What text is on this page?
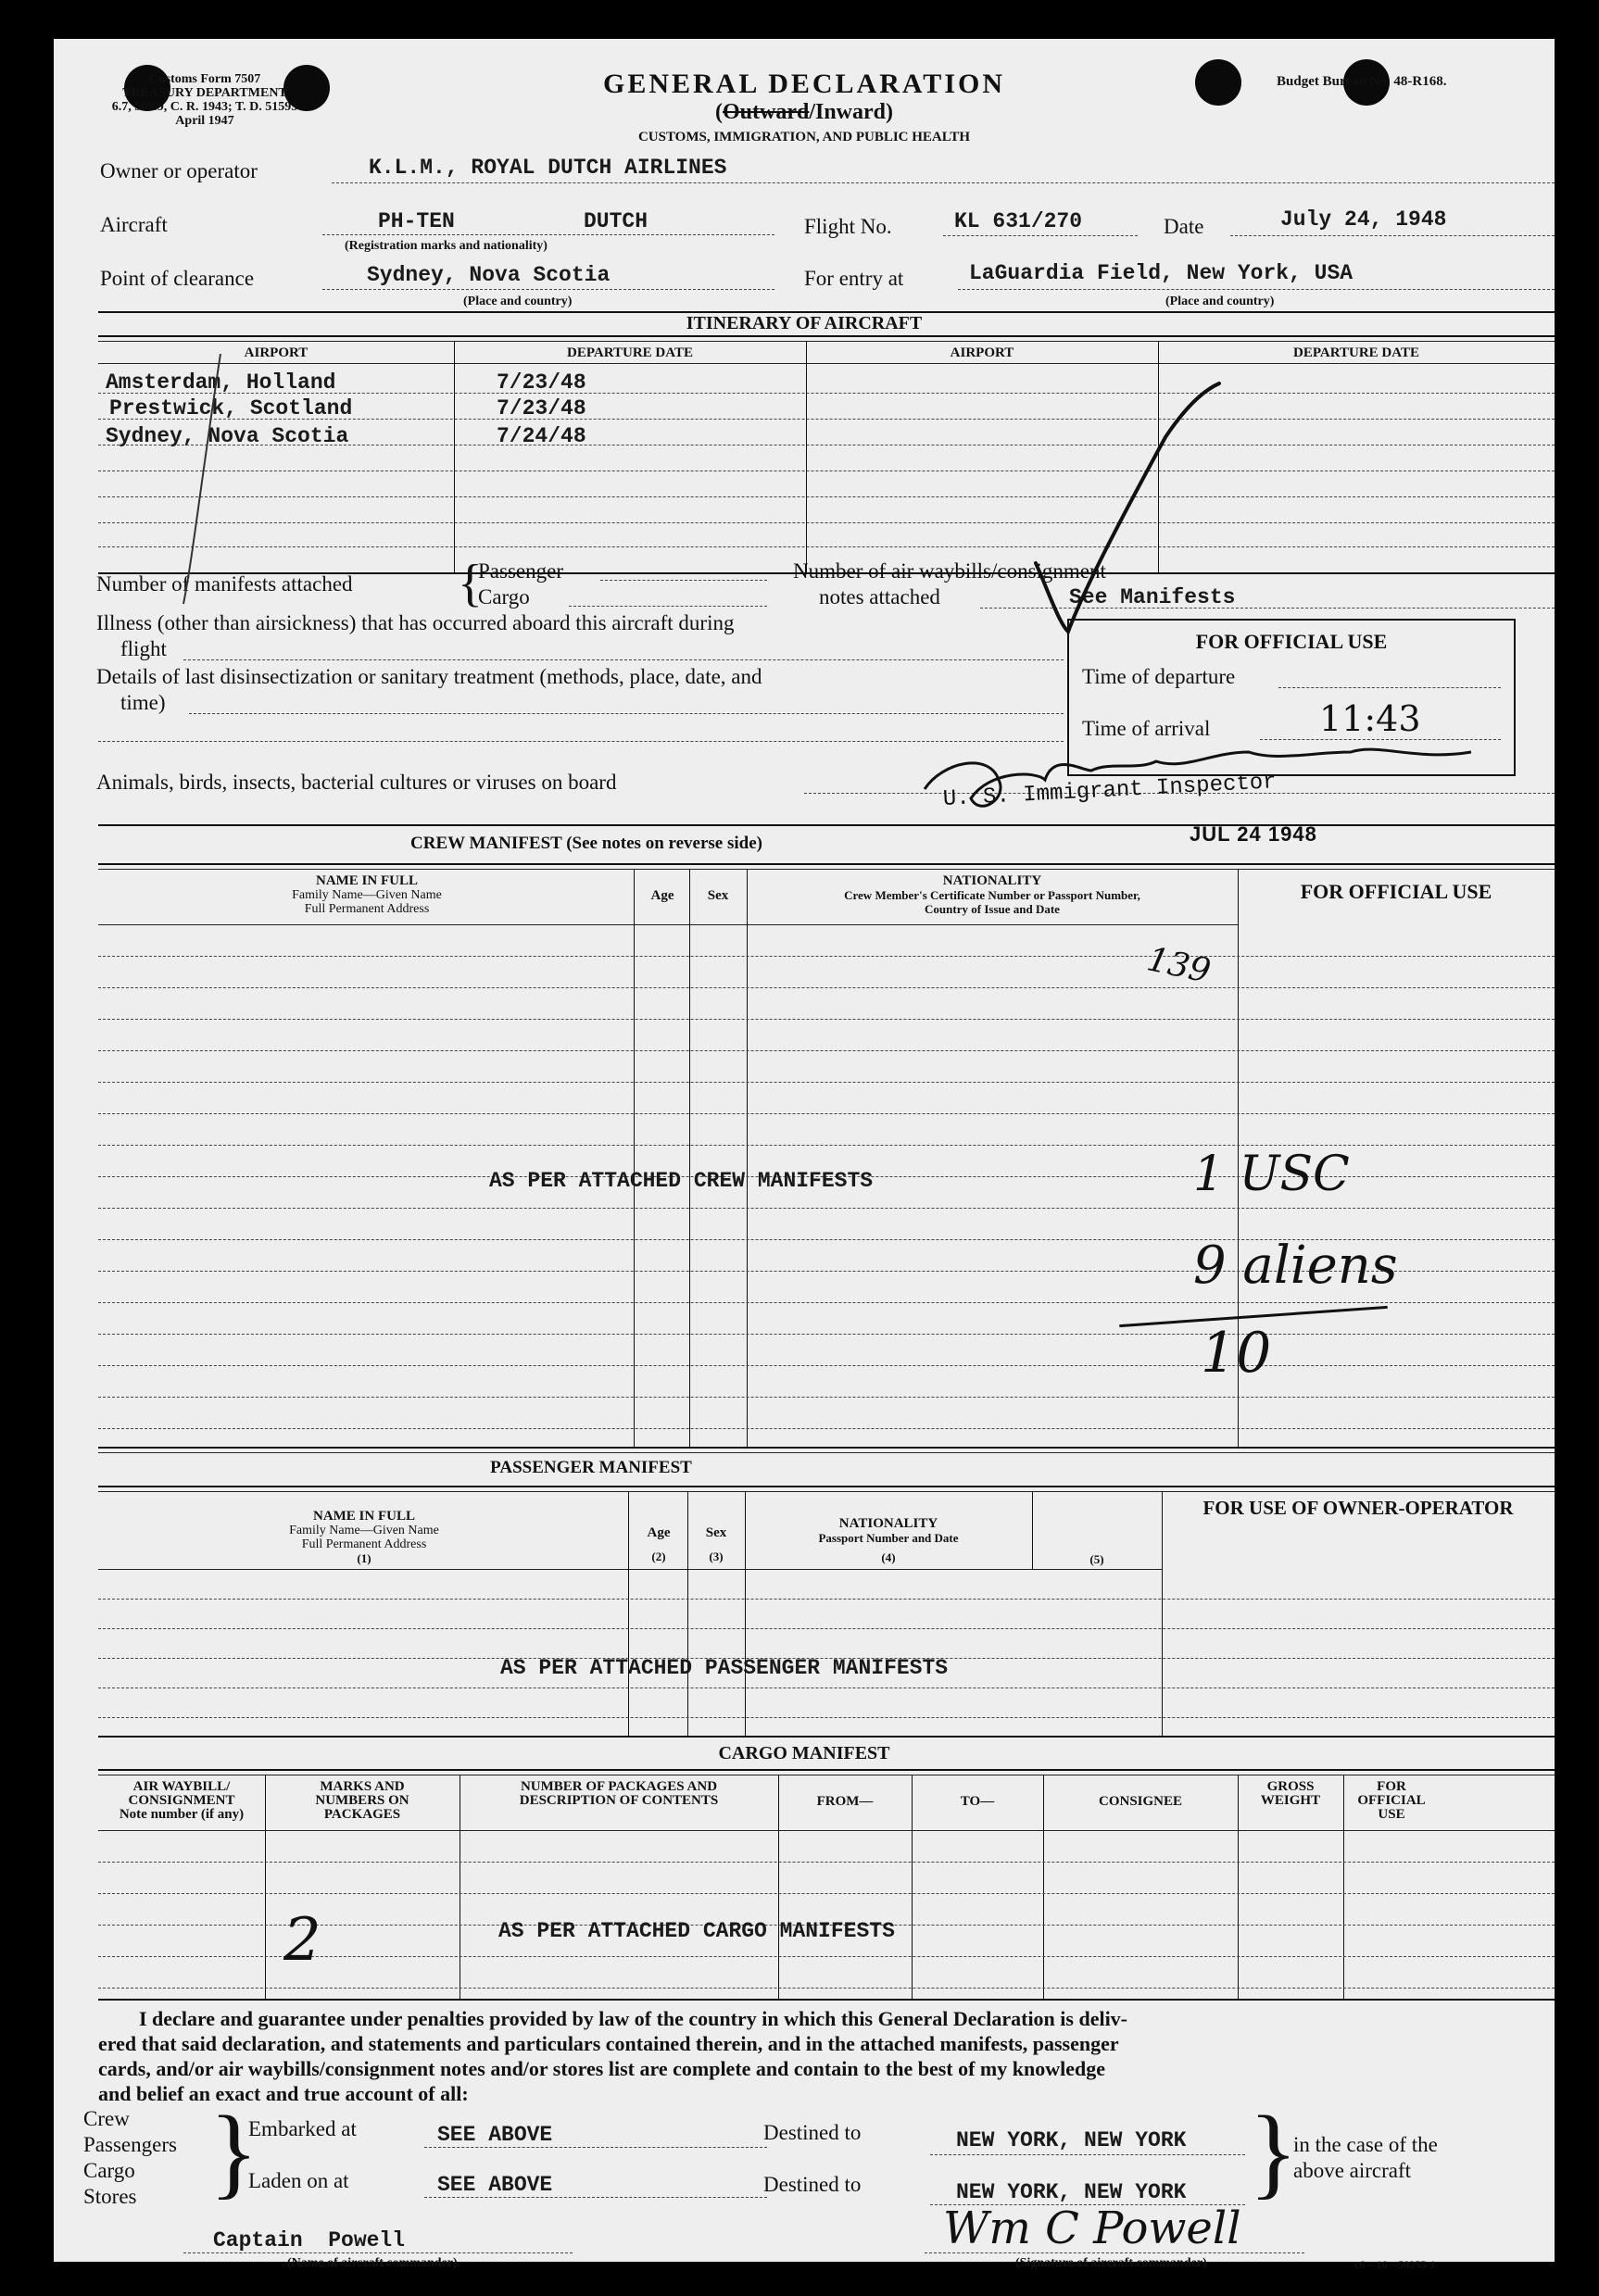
Customs Form 7507
TREASURY DEPARTMENT
6.7, 509.9, C. R. 1943; T. D. 51595
April 1947
GENERAL DECLARATION
(Outward/Inward)
CUSTOMS, IMMIGRATION, AND PUBLIC HEALTH
Budget Bureau No. 48-R168.
Owner or operator	K.L.M., ROYAL DUTCH AIRLINES
Aircraft	PH-TEN	DUTCH
(Registration marks and nationality)
Flight No.	KL 631/270	Date	July 24, 1948
Point of clearance	Sydney, Nova Scotia
(Place and country)
For entry at	LaGuardia Field, New York, USA
(Place and country)
ITINERARY OF AIRCRAFT
AIRPORT	DEPARTURE DATE	AIRPORT	DEPARTURE DATE
Amsterdam, Holland	7/23/48
Prestwick, Scotland	7/23/48
Sydney, Nova Scotia	7/24/48
Number of manifests attached {
Passenger
Cargo
Number of air waybills/consignment
notes attached	See Manifests
Illness (other than airsickness) that has occurred aboard this aircraft during
flight
Details of last disinsectization or sanitary treatment (methods, place, date, and
time)
Animals, birds, insects, bacterial cultures or viruses on board
FOR OFFICIAL USE
Time of departure
Time of arrival	11:43
U. S. Immigrant Inspector
JUL 24 1948
CREW MANIFEST (See notes on reverse side)
NAME IN FULL
Family Name—Given Name
Full Permanent Address
Age	Sex
NATIONALITY
Crew Member's Certificate Number or Passport Number,
Country of Issue and Date
FOR OFFICIAL USE
AS PER ATTACHED CREW MANIFESTS
139
1 USC
9 aliens
10
PASSENGER MANIFEST
NAME IN FULL
Family Name—Given Name
Full Permanent Address
(1)
Age
(2)
Sex
(3)
NATIONALITY
Passport Number and Date
(4)	(5)
FOR USE OF OWNER-OPERATOR
AS PER ATTACHED PASSENGER MANIFESTS
CARGO MANIFEST
AIR WAYBILL/
CONSIGNMENT
Note number (if any)
MARKS AND
NUMBERS ON
PACKAGES
NUMBER OF PACKAGES AND
DESCRIPTION OF CONTENTS	FROM—	TO—	CONSIGNEE
GROSS
WEIGHT
FOR
OFFICIAL
USE
AS PER ATTACHED CARGO MANIFESTS
2
I declare and guarantee under penalties provided by law of the country in which this General Declaration is deliv-
ered that said declaration, and statements and particulars contained therein, and in the attached manifests, passenger
cards, and/or air waybills/consignment notes and/or stores list are complete and contain to the best of my knowledge
and belief an exact and true account of all:
Crew
Passengers
Cargo
Stores }
Embarked at	SEE ABOVE
Laden on at	SEE ABOVE
Destined to	NEW YORK, NEW YORK
Destined to	NEW YORK, NEW YORK }
in the case of the
above aircraft
Captain  Powell
(Name of aircraft commander)
Wm C Powell
(Signature of aircraft commander)	c6—16—58255-1
